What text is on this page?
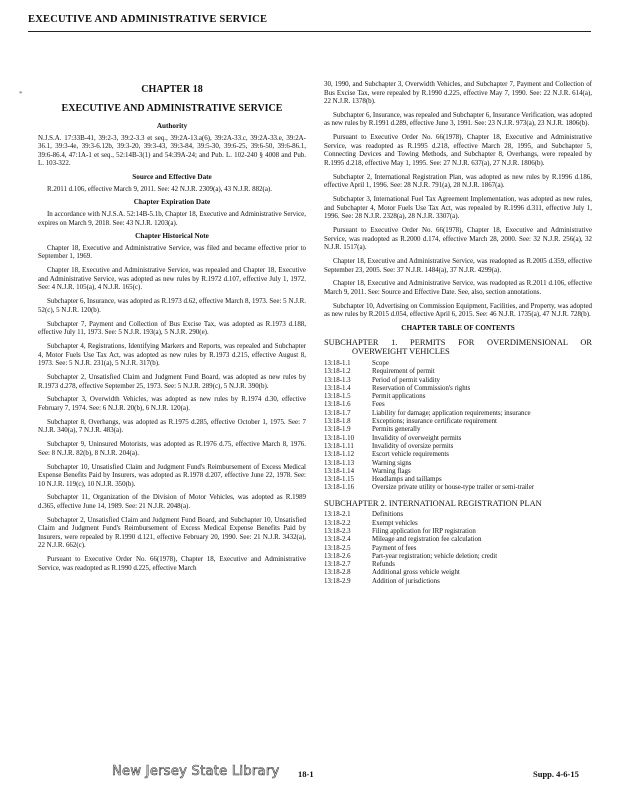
EXECUTIVE AND ADMINISTRATIVE SERVICE
*	CHAPTER 18
EXECUTIVE AND ADMINISTRATIVE SERVICE
Authority

N.J.S.A. 17:33B-41, 39:2-3, 39:2-3.3 et seq., 39:2A-13.a(6), 39:2A-33.c, 39:2A-33.e, 39:2A-36.1, 39:3-4e, 39:3-6.12b, 39:3-20, 39:3-43, 39:3-84, 39:5-30, 39:6-25, 39:6-50, 39:6-86.1, 39:6-86.4, 47:1A-1 et seq., 52:14B-3(1) and 54:39A-24; and Pub. L. 102-240 § 4008 and Pub. L. 103-322.

Source and Effective Date

R.2011 d.106, effective March 9, 2011. See: 42 N.J.R. 2309(a), 43 N.J.R. 882(a).

Chapter Expiration Date

In accordance with N.J.S.A. 52:14B-5.1b, Chapter 18, Executive and Administrative Service, expires on March 9, 2018. See: 43 N.J.R. 1203(a).

Chapter Historical Note

Chapter 18, Executive and Administrative Service, was filed and became effective prior to September 1, 1969.

Chapter 18, Executive and Administrative Service, was repealed and Chapter 18, Executive and Administrative Service, was adopted as new rules by R.1972 d.107, effective July 1, 1972. See: 4 N.J.R. 105(a), 4 N.J.R. 165(c).

Subchapter 6, Insurance, was adopted as R.1973 d.62, effective March 8, 1973. See: 5 N.J.R. 52(c), 5 N.J.R. 120(b).

Subchapter 7, Payment and Collection of Bus Excise Tax, was adopted as R.1973 d.188, effective July 11, 1973. See: 5 N.J.R. 193(a), 5 N.J.R. 290(e).

Subchapter 4, Registrations, Identifying Markers and Reports, was repealed and Subchapter 4, Motor Fuels Use Tax Act, was adopted as new rules by R.1973 d.215, effective August 8, 1973. See: 5 N.J.R. 231(a), 5 N.J.R. 317(b).

Subchapter 2, Unsatisfied Claim and Judgment Fund Board, was adopted as new rules by R.1973 d.278, effective September 25, 1973. See: 5 N.J.R. 289(c), 5 N.J.R. 390(b).

Subchapter 3, Overwidth Vehicles, was adopted as new rules by R.1974 d.30, effective February 7, 1974. See: 6 N.J.R. 20(b), 6 N.J.R. 120(a).

Subchapter 8, Overhangs, was adopted as R.1975 d.285, effective October 1, 1975. See: 7 N.J.R. 340(a), 7 N.J.R. 483(a).

Subchapter 9, Uninsured Motorists, was adopted as R.1976 d.75, effective March 8, 1976. See: 8 N.J.R. 82(b), 8 N.J.R. 204(a).

Subchapter 10, Unsatisfied Claim and Judgment Fund's Reimbursement of Excess Medical Expense Benefits Paid by Insurers, was adopted as R.1978 d.207, effective June 22, 1978. See: 10 N.J.R. 119(c), 10 N.J.R. 350(b).

Subchapter 11, Organization of the Division of Motor Vehicles, was adopted as R.1989 d.365, effective June 14, 1989. See: 21 N.J.R. 2048(a).

Subchapter 2, Unsatisfied Claim and Judgment Fund Board, and Subchapter 10, Unsatisfied Claim and Judgment Fund's Reimbursement of Excess Medical Expense Benefits Paid by Insurers, were repealed by R.1990 d.121, effective February 20, 1990. See: 21 N.J.R. 3432(a), 22 N.J.R. 662(c).

Pursuant to Executive Order No. 66(1978), Chapter 18, Executive and Administrative Service, was readopted as R.1990 d.225, effective March

30, 1990, and Subchapter 3, Overwidth Vehicles, and Subchapter 7, Payment and Collection of Bus Excise Tax, were repealed by R.1990 d.225, effective May 7, 1990. See: 22 N.J.R. 614(a), 22 N.J.R. 1378(b).

Subchapter 6, Insurance, was repealed and Subchapter 6, Insurance Verification, was adopted as new rules by R.1991 d.289, effective June 3, 1991. See: 23 N.J.R. 973(a), 23 N.J.R. 1806(b).

Pursuant to Executive Order No. 66(1978), Chapter 18, Executive and Administrative Service, was readopted as R.1995 d.218, effective March 28, 1995, and Subchapter 5, Connecting Devices and Towing Methods, and Subchapter 8, Overhangs, were repealed by R.1995 d.218, effective May 1, 1995. See: 27 N.J.R. 637(a), 27 N.J.R. 1806(b).

Subchapter 2, International Registration Plan, was adopted as new rules by R.1996 d.186, effective April 1, 1996. See: 28 N.J.R. 791(a), 28 N.J.R. 1867(a).

Subchapter 3, International Fuel Tax Agreement Implementation, was adopted as new rules, and Subchapter 4, Motor Fuels Use Tax Act, was repealed by R.1996 d.311, effective July 1, 1996. See: 28 N.J.R. 2328(a), 28 N.J.R. 3307(a).

Pursuant to Executive Order No. 66(1978), Chapter 18, Executive and Administrative Service, was readopted as R.2000 d.174, effective March 28, 2000. See: 32 N.J.R. 256(a), 32 N.J.R. 1517(a).

Chapter 18, Executive and Administrative Service, was readopted as R.2005 d.359, effective September 23, 2005. See: 37 N.J.R. 1484(a), 37 N.J.R. 4299(a).

Chapter 18, Executive and Administrative Service, was readopted as R.2011 d.106, effective March 9, 2011. See: Source and Effective Date. See, also, section annotations.

Subchapter 10, Advertising on Commission Equipment, Facilities, and Property, was adopted as new rules by R.2015 d.054, effective April 6, 2015. See: 46 N.J.R. 1735(a), 47 N.J.R. 728(b).

CHAPTER TABLE OF CONTENTS
SUBCHAPTER 1. PERMITS FOR OVERDIMENSIONAL OR OVERWEIGHT VEHICLES
13:18-1.1	Scope
13:18-1.2	Requirement of permit
13:18-1.3	Period of permit validity
13:18-1.4	Reservation of Commission's rights
13:18-1.5	Permit applications
13:18-1.6	Fees
13:18-1.7	Liability for damage; application requirements; insurance
13:18-1.8	Exceptions; insurance certificate requirement
13:18-1.9	Permits generally
13:18-1.10	Invalidity of overweight permits
13:18-1.11	Invalidity of oversize permits
13:18-1.12	Escort vehicle requirements
13:18-1.13	Warning signs
13:18-1.14	Warning flags
13:18-1.15	Headlamps and taillamps
13:18-1.16	Oversize private utility or house-type trailer or semi-trailer
SUBCHAPTER 2. INTERNATIONAL REGISTRATION PLAN
13:18-2.1	Definitions
13:18-2.2	Exempt vehicles
13:18-2.3	Filing application for IRP registration
13:18-2.4	Mileage and registration fee calculation
13:18-2.5	Payment of fees
13:18-2.6	Part-year registration; vehicle deletion; credit
13:18-2.7	Refunds
13:18-2.8	Additional gross vehicle weight
13:18-2.9	Addition of jurisdictions
New Jersey State Library 18-1	Supp. 4-6-15
